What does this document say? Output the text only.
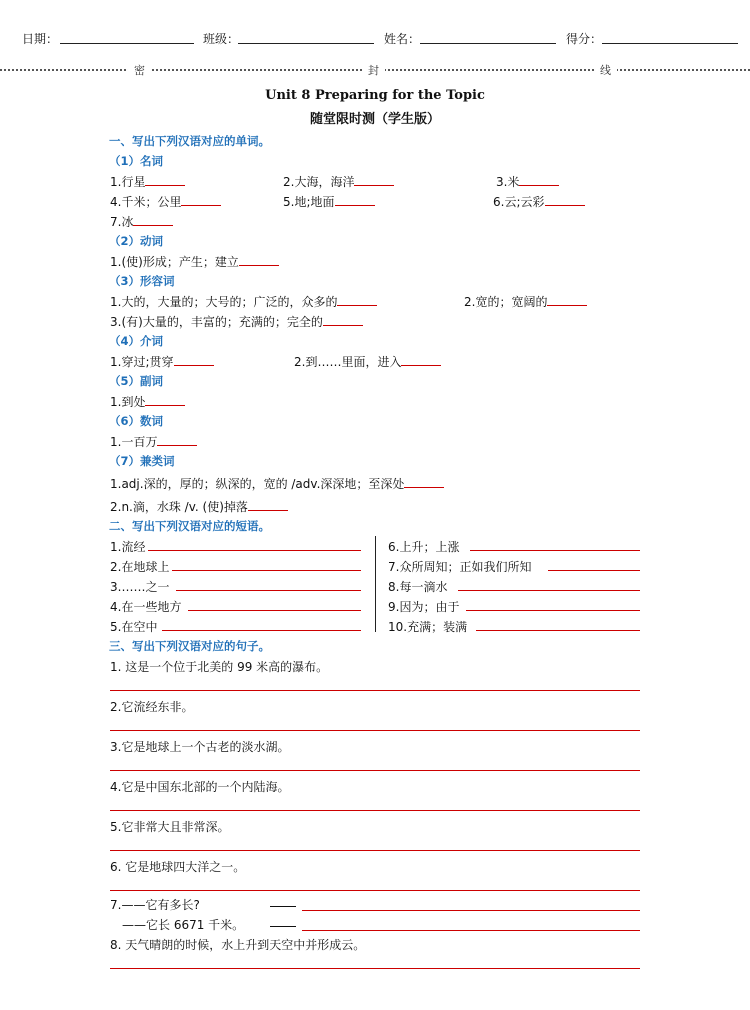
日期：	班级：	姓名：	得分：
密	封	线
Unit 8 Preparing for the Topic
随堂限时测（学生版）
一、写出下列汉语对应的单词。
（1）名词
1.行星	2.大海，海洋	3.米
4.千米；公里	5.地;地面	6.云;云彩
7.冰
（2）动词
1.(使)形成；产生；建立
（3）形容词
1.大的，大量的；大号的；广泛的，众多的	2.宽的；宽阔的
3.(有)大量的，丰富的；充满的；完全的
（4）介词
1.穿过;贯穿	2.到……里面，进入
（5）副词
1.到处
（6）数词
1.一百万
（7）兼类词
1.adj.深的，厚的；纵深的，宽的 /adv.深深地；至深处
2.n.滴，水珠 /v. (使)掉落
二、写出下列汉语对应的短语。
1.流经
2.在地球上
3.……之一
4.在一些地方
5.在空中
6.上升；上涨
7.众所周知；正如我们所知
8.每一滴水
9.因为；由于
10.充满；装满
三、写出下列汉语对应的句子。
1. 这是一个位于北美的 99 米高的瀑布。
2.它流经东非。
3.它是地球上一个古老的淡水湖。
4.它是中国东北部的一个内陆海。
5.它非常大且非常深。
6. 它是地球四大洋之一。
7.——它有多长?
——它长 6671 千米。
8. 天气晴朗的时候，水上升到天空中并形成云。
